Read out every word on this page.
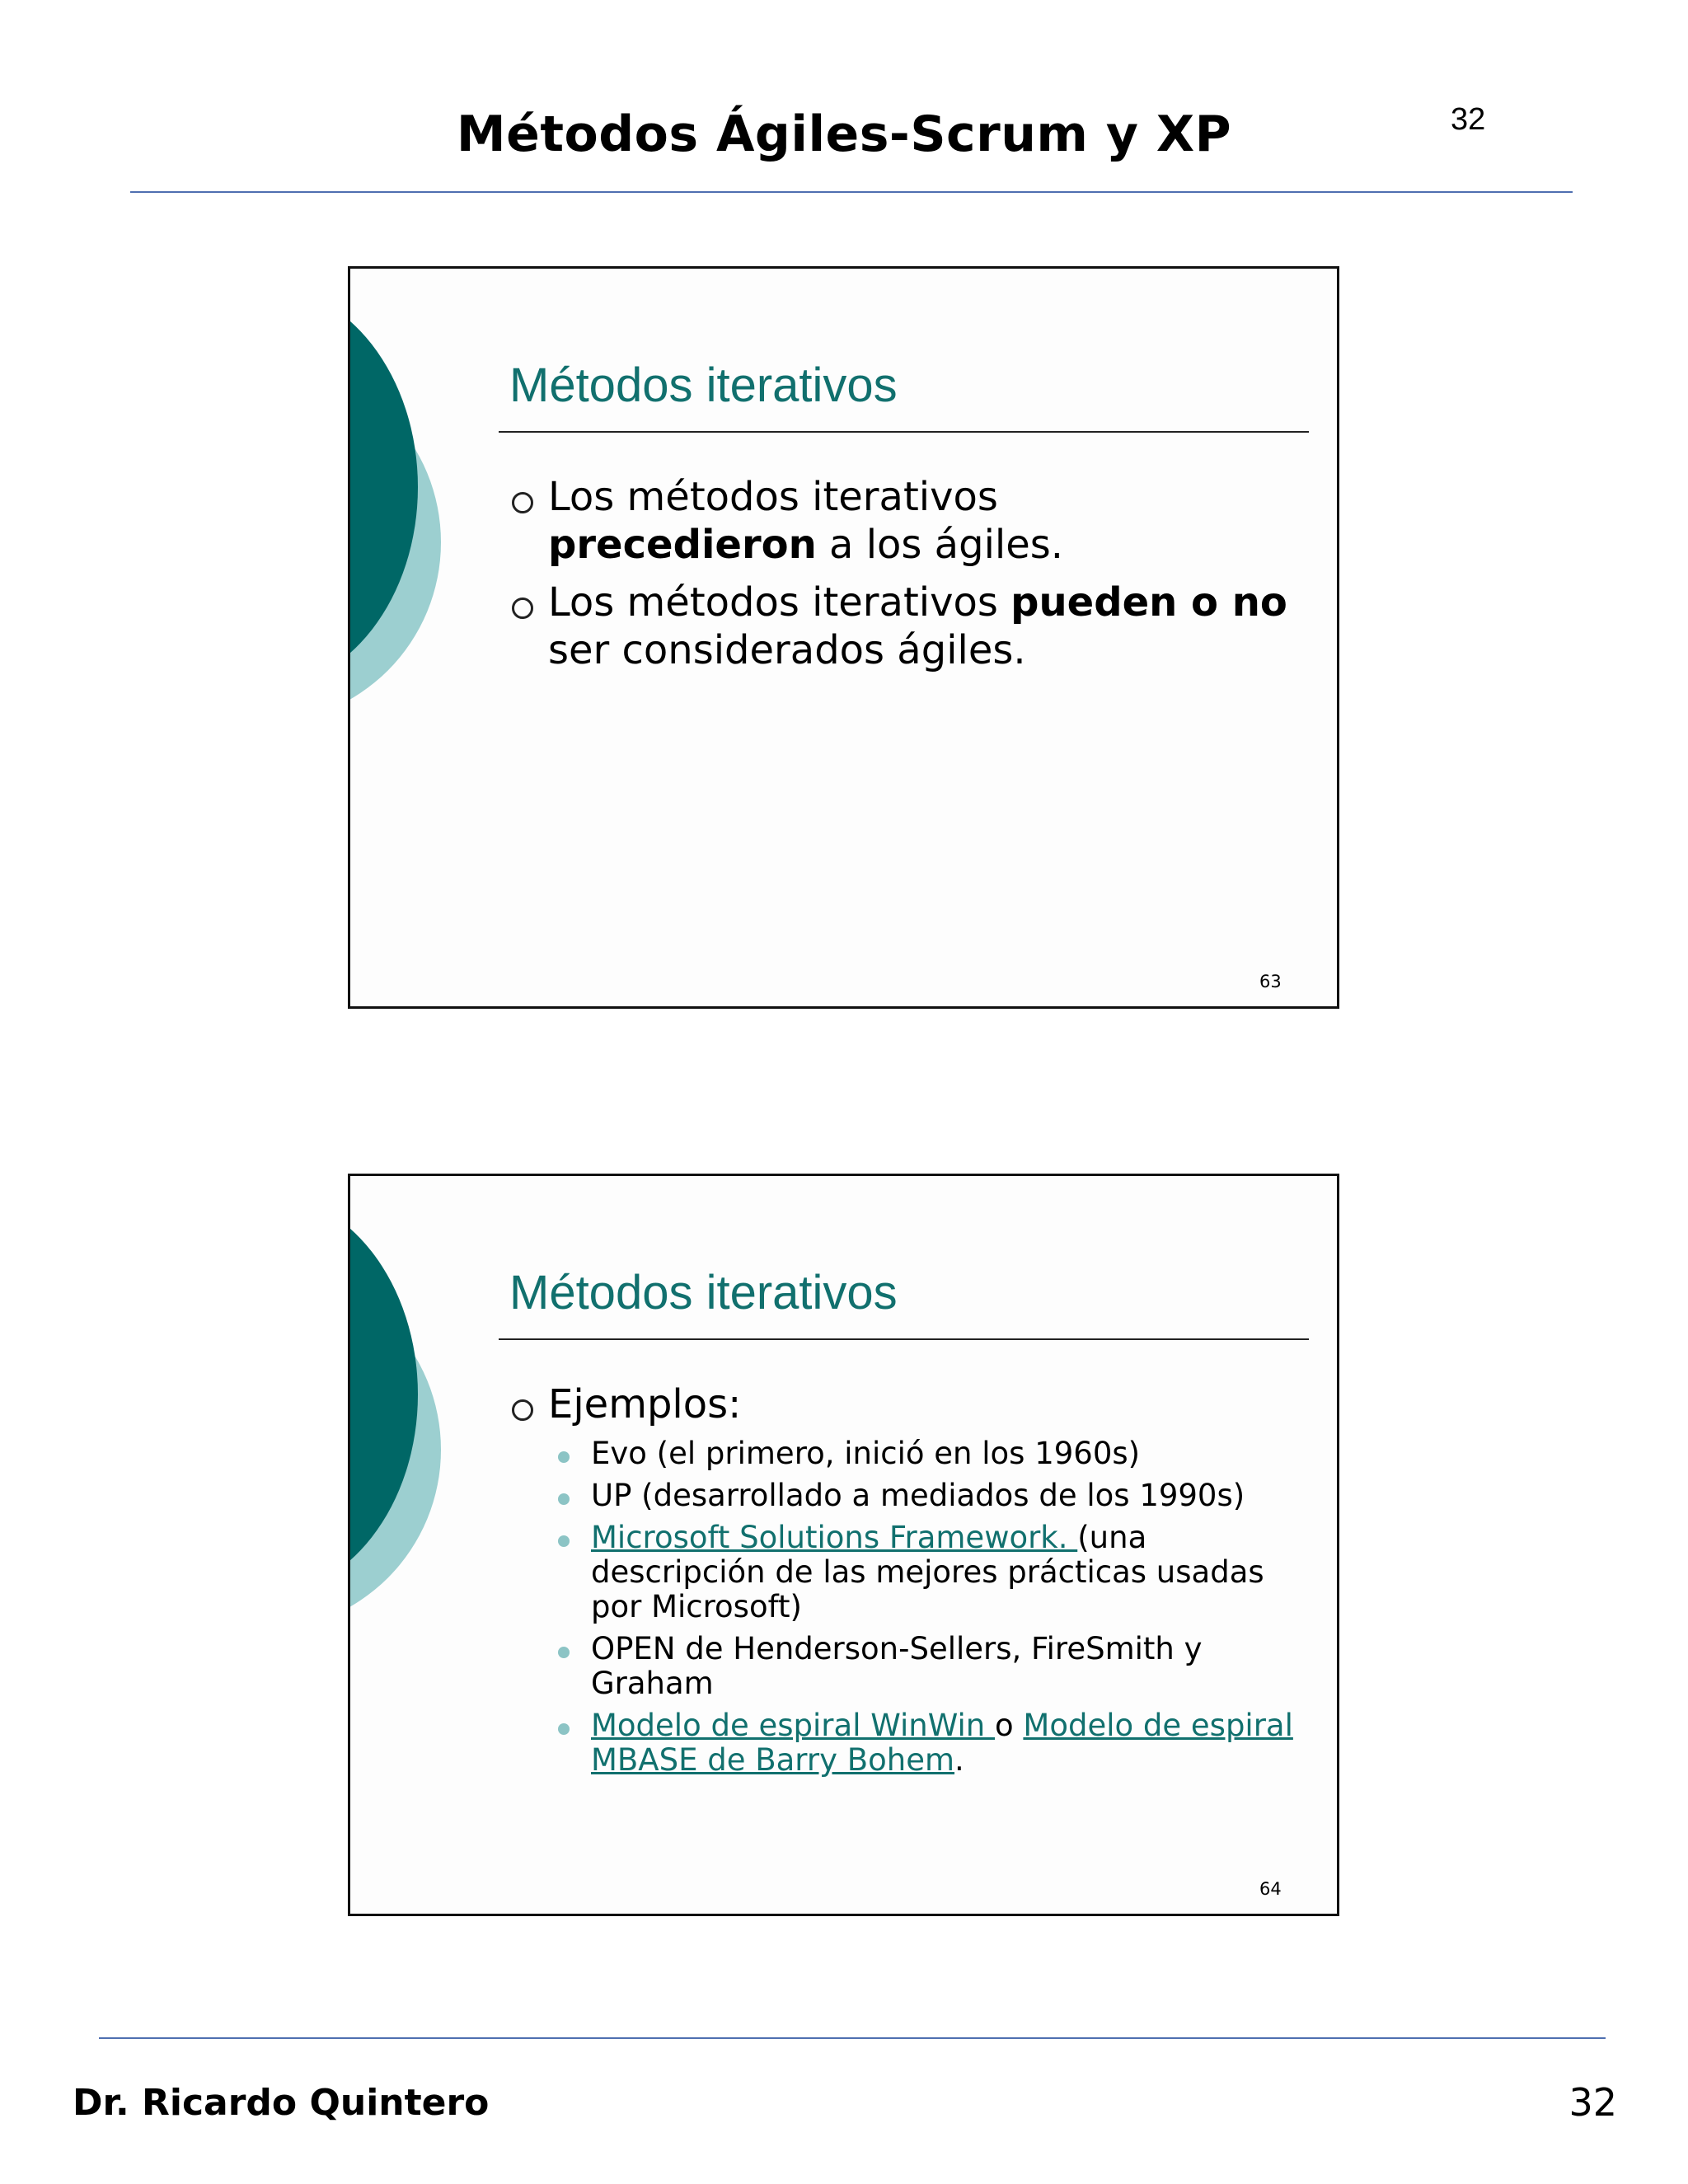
Métodos Ágiles-Scrum y XP	32
Métodos iterativos
Los métodos iterativos
precedieron a los ágiles.
Los métodos iterativos pueden o no ser considerados ágiles.
63
Métodos iterativos
Ejemplos:
Evo (el primero, inició en los 1960s)
UP (desarrollado a mediados de los 1990s)
Microsoft Solutions Framework. (una descripción de las mejores prácticas usadas por Microsoft)
OPEN de Henderson-Sellers, FireSmith y Graham
Modelo de espiral WinWin o Modelo de espiral MBASE de Barry Bohem.
64
Dr. Ricardo Quintero	32
